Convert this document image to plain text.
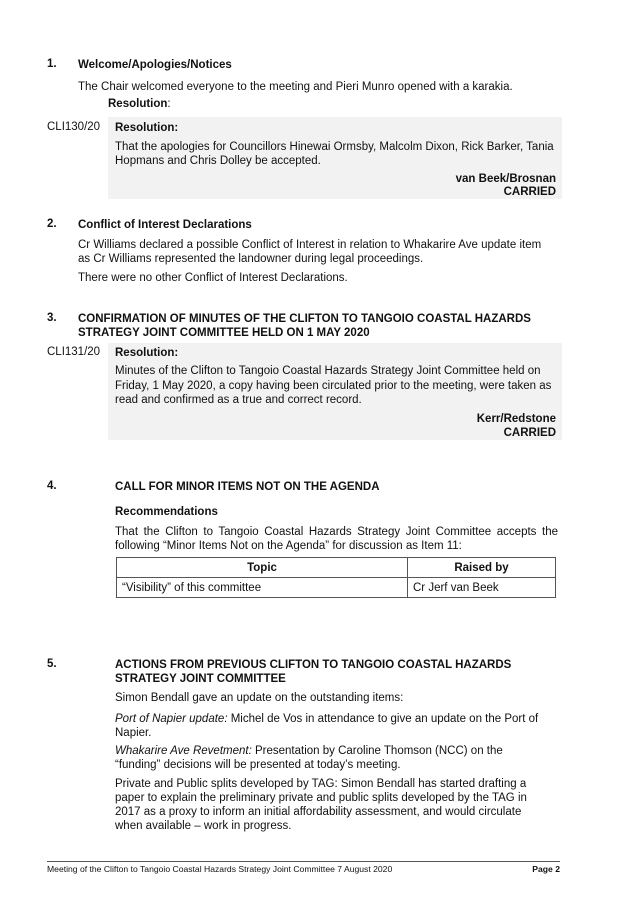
1. Welcome/Apologies/Notices
The Chair welcomed everyone to the meeting and Pieri Munro opened with a karakia.
Resolution:
CLI130/20 Resolution:
That the apologies for Councillors Hinewai Ormsby, Malcolm Dixon, Rick Barker, Tania Hopmans and Chris Dolley be accepted.
van Beek/Brosnan
CARRIED
2. Conflict of Interest Declarations
Cr Williams declared a possible Conflict of Interest in relation to Whakarire Ave update item as Cr Williams represented the landowner during legal proceedings.
There were no other Conflict of Interest Declarations.
3. CONFIRMATION OF MINUTES OF THE CLIFTON TO TANGOIO COASTAL HAZARDS STRATEGY JOINT COMMITTEE HELD ON 1 MAY 2020
CLI131/20 Resolution:
Minutes of the Clifton to Tangoio Coastal Hazards Strategy Joint Committee held on Friday, 1 May 2020, a copy having been circulated prior to the meeting, were taken as read and confirmed as a true and correct record.
Kerr/Redstone
CARRIED
4.	CALL FOR MINOR ITEMS NOT ON THE AGENDA
Recommendations
That the Clifton to Tangoio Coastal Hazards Strategy Joint Committee accepts the following “Minor Items Not on the Agenda” for discussion as Item 11:
Topic	Raised by
“Visibility” of this committee	Cr Jerf van Beek
5.	ACTIONS FROM PREVIOUS CLIFTON TO TANGOIO COASTAL HAZARDS STRATEGY JOINT COMMITTEE
Simon Bendall gave an update on the outstanding items:
Port of Napier update: Michel de Vos in attendance to give an update on the Port of Napier.
Whakarire Ave Revetment: Presentation by Caroline Thomson (NCC) on the “funding” decisions will be presented at today’s meeting.
Private and Public splits developed by TAG: Simon Bendall has started drafting a paper to explain the preliminary private and public splits developed by the TAG in 2017 as a proxy to inform an initial affordability assessment, and would circulate when available – work in progress.
Meeting of the Clifton to Tangoio Coastal Hazards Strategy Joint Committee 7 August 2020	Page 2
